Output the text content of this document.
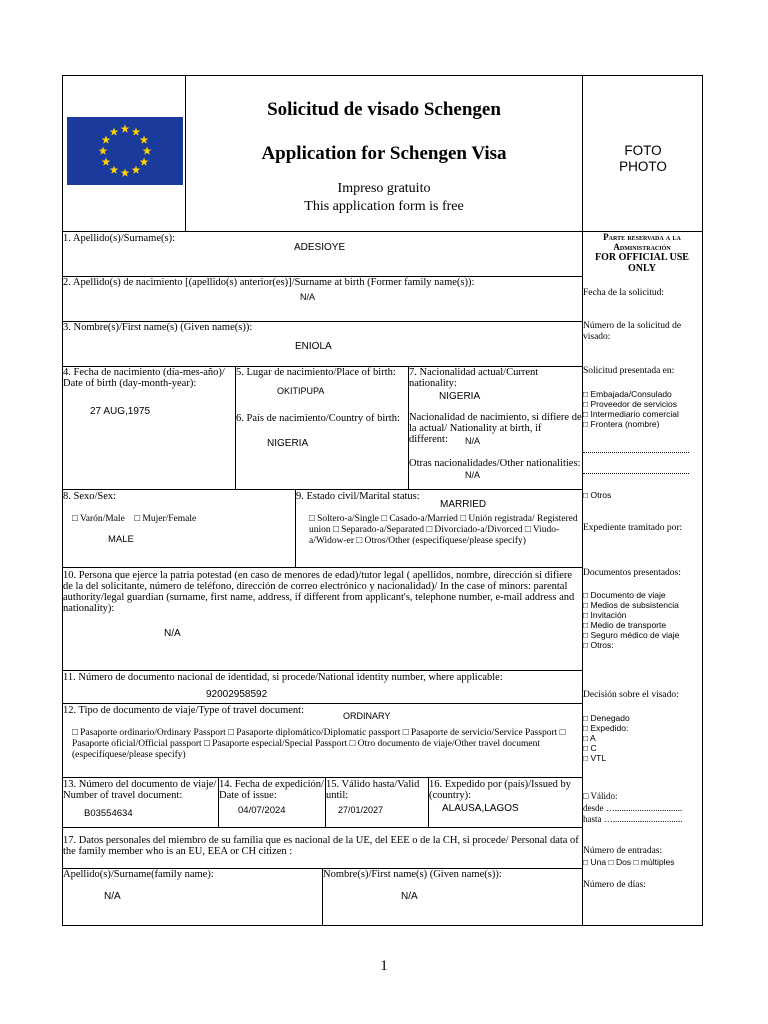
Solicitud de visado Schengen
Application for Schengen Visa
Impreso gratuito
This application form is free
FOTO
PHOTO
Parte reservada a la
Administración
FOR OFFICIAL USE
ONLY
Fecha de la solicitud:
Número de la solicitud de visado:
Solicitud presentada en:
□ Embajada/Consulado
□ Proveedor de servicios
□ Intermediario comercial
□ Frontera (nombre)
□ Otros
Expediente tramitado por:
Documentos presentados:
□ Documento de viaje
□ Medios de subsistencia
□ Invitación
□ Medio de transporte
□ Seguro médico de viaje
□ Otros:
Decisión sobre el visado:
□ Denegado
□ Expedido:
□ A
□ C
□ VTL
□ Válido:
desde …..............................
hasta …...............................
Número de entradas:
□ Una □ Dos □ múltiples
Número de días:
1. Apellido(s)/Surname(s):
ADESIOYE
2. Apellido(s) de nacimiento [(apellido(s) anterior(es)]/Surname at birth (Former family name(s)):
N/A
3. Nombre(s)/First name(s) (Given name(s)):
ENIOLA
4. Fecha de nacimiento (día-mes-año)/ Date of birth (day-month-year):
27 AUG,1975
5. Lugar de nacimiento/Place of birth:
OKITIPUPA
6. País de nacimiento/Country of birth:
NIGERIA
7. Nacionalidad actual/Current nationality:
NIGERIA
Nacionalidad de nacimiento, si difiere de la actual/ Nationality at birth, if different:	N/A
Otras nacionalidades/Other nationalities:
N/A
8. Sexo/Sex:
□ Varón/Male    □ Mujer/Female
MALE
9. Estado civil/Marital status:
MARRIED
□ Soltero-a/Single □ Casado-a/Married □ Unión registrada/ Registered union □ Separado-a/Separated □ Divorciado-a/Divorced □ Viudo-a/Widow-er □ Otros/Other (especifíquese/please specify)
10. Persona que ejerce la patria potestad (en caso de menores de edad)/tutor legal ( apellidos, nombre, dirección si difiere de la del solicitante, número de teléfono, dirección de correo electrónico y nacionalidad)/ In the case of minors: parental authority/legal guardian (surname, first name, address, if different from applicant's, telephone number, e-mail address and nationality):
N/A
11. Número de documento nacional de identidad, si procede/National identity number, where applicable:
92002958592
12. Tipo de documento de viaje/Type of travel document:	ORDINARY
□ Pasaporte ordinario/Ordinary Passport □ Pasaporte diplomático/Diplomatic passport □ Pasaporte de servicio/Service Passport □ Pasaporte oficial/Official passport □ Pasaporte especial/Special Passport □ Otro documento de viaje/Other travel document (especifíquese/please specify)
13. Número del documento de viaje/ Number of travel document:
B03554634
14. Fecha de expedición/ Date of issue:
04/07/2024
15. Válido hasta/Valid until:
27/01/2027
16. Expedido por (país)/Issued by (country):
ALAUSA,LAGOS
17. Datos personales del miembro de su familia que es nacional de la UE, del EEE o de la CH, si procede/ Personal data of the family member who is an EU, EEA or CH citizen :
Apellido(s)/Surname(family name):
N/A
Nombre(s)/First name(s) (Given name(s)):
N/A
1
